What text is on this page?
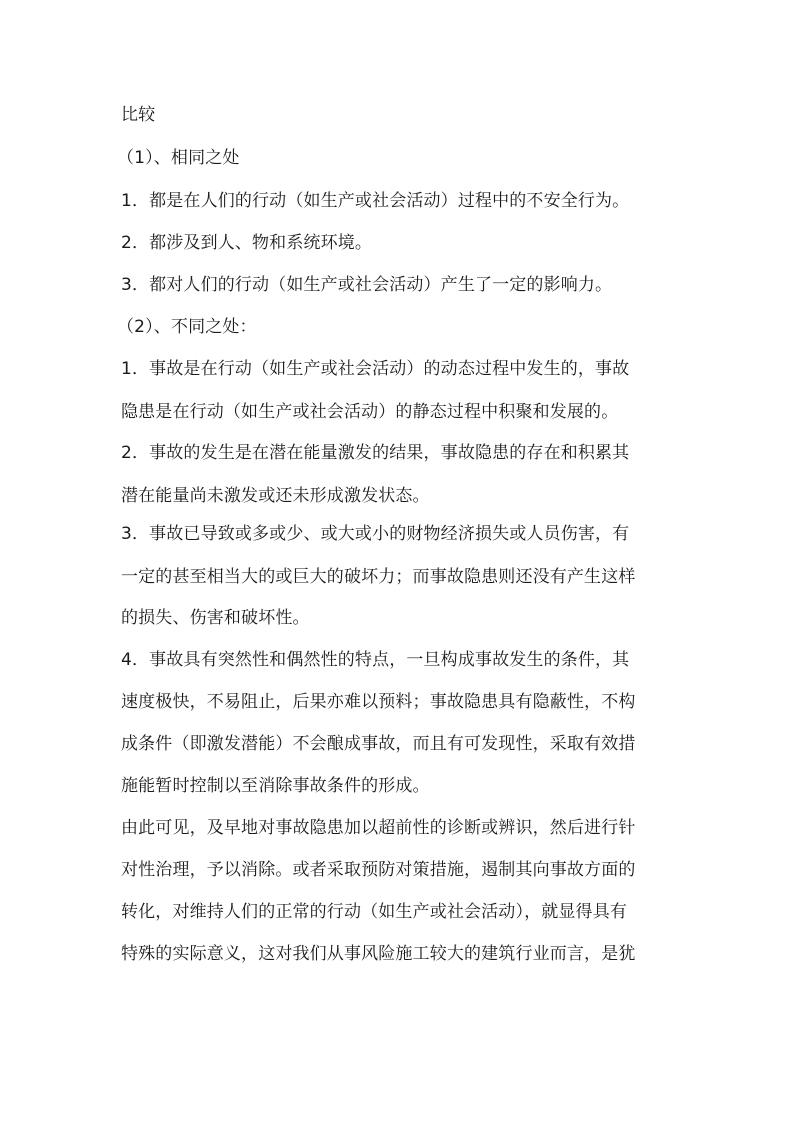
比较
（1）、相同之处
1．都是在人们的行动（如生产或社会活动）过程中的不安全行为。
2．都涉及到人、物和系统环境。
3．都对人们的行动（如生产或社会活动）产生了一定的影响力。
（2）、不同之处：
1．事故是在行动（如生产或社会活动）的动态过程中发生的，事故
隐患是在行动（如生产或社会活动）的静态过程中积聚和发展的。
2．事故的发生是在潜在能量激发的结果，事故隐患的存在和积累其
潜在能量尚未激发或还未形成激发状态。
3．事故已导致或多或少、或大或小的财物经济损失或人员伤害，有
一定的甚至相当大的或巨大的破坏力；而事故隐患则还没有产生这样
的损失、伤害和破坏性。
4．事故具有突然性和偶然性的特点，一旦构成事故发生的条件，其
速度极快，不易阻止，后果亦难以预料；事故隐患具有隐蔽性，不构
成条件（即激发潜能）不会酿成事故，而且有可发现性，采取有效措
施能暂时控制以至消除事故条件的形成。
由此可见，及早地对事故隐患加以超前性的诊断或辨识，然后进行针
对性治理，予以消除。或者采取预防对策措施，遏制其向事故方面的
转化，对维持人们的正常的行动（如生产或社会活动），就显得具有
特殊的实际意义，这对我们从事风险施工较大的建筑行业而言，是犹
